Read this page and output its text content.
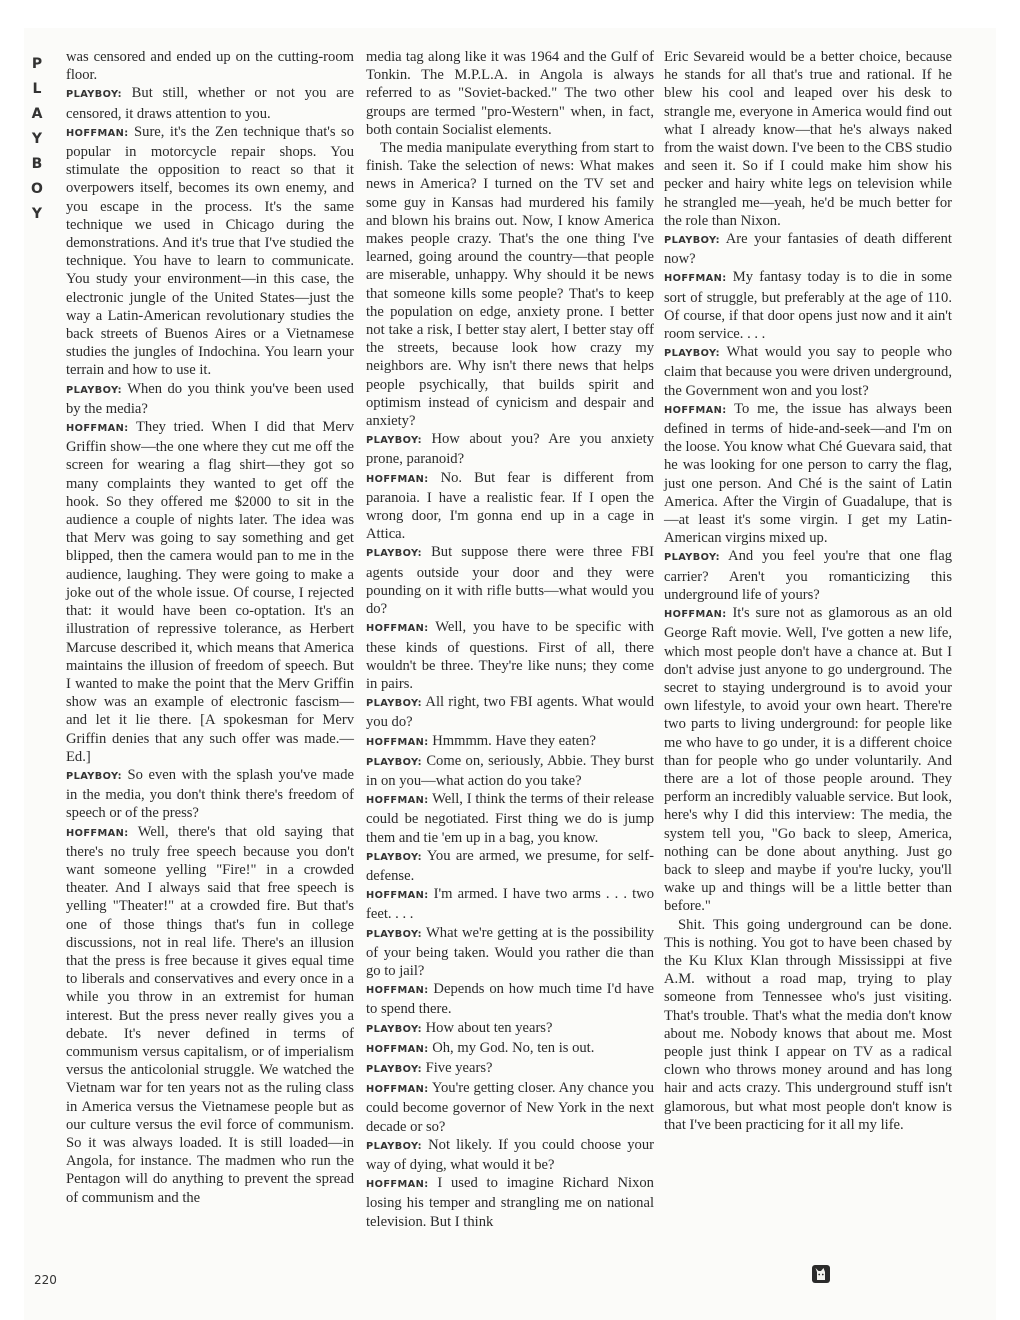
P
L
A
Y
B
O
Y

was censored and ended up on the cutting-room floor.

PLAYBOY: But still, whether or not you are censored, it draws attention to you.

HOFFMAN: Sure, it's the Zen technique that's so popular in motorcycle repair shops. You stimulate the opposition to react so that it overpowers itself, becomes its own enemy, and you escape in the process. It's the same technique we used in Chicago during the demonstrations. And it's true that I've studied the technique. You have to learn to communicate. You study your environment—in this case, the electronic jungle of the United States—just the way a Latin-American revolutionary studies the back streets of Buenos Aires or a Vietnamese studies the jungles of Indochina. You learn your terrain and how to use it.

PLAYBOY: When do you think you've been used by the media?

HOFFMAN: They tried. When I did that Merv Griffin show—the one where they cut me off the screen for wearing a flag shirt—they got so many complaints they wanted to get off the hook. So they offered me $2000 to sit in the audience a couple of nights later. The idea was that Merv was going to say something and get blipped, then the camera would pan to me in the audience, laughing. They were going to make a joke out of the whole issue. Of course, I rejected that: it would have been co-optation. It's an illustration of repressive tolerance, as Herbert Marcuse described it, which means that America maintains the illusion of freedom of speech. But I wanted to make the point that the Merv Griffin show was an example of electronic fascism—and let it lie there. [A spokesman for Merv Griffin denies that any such offer was made.—Ed.]

PLAYBOY: So even with the splash you've made in the media, you don't think there's freedom of speech or of the press?

HOFFMAN: Well, there's that old saying that there's no truly free speech because you don't want someone yelling "Fire!" in a crowded theater. And I always said that free speech is yelling "Theater!" at a crowded fire. But that's one of those things that's fun in college discussions, not in real life. There's an illusion that the press is free because it gives equal time to liberals and conservatives and every once in a while you throw in an extremist for human interest. But the press never really gives you a debate. It's never defined in terms of communism versus capitalism, or of imperialism versus the anticolonial struggle. We watched the Vietnam war for ten years not as the ruling class in America versus the Vietnamese people but as our culture versus the evil force of communism. So it was always loaded. It is still loaded—in Angola, for instance. The madmen who run the Pentagon will do anything to prevent the spread of communism and the

media tag along like it was 1964 and the Gulf of Tonkin. The M.P.L.A. in Angola is always referred to as "Soviet-backed." The two other groups are termed "pro-Western" when, in fact, both contain Socialist elements.

The media manipulate everything from start to finish. Take the selection of news: What makes news in America? I turned on the TV set and some guy in Kansas had murdered his family and blown his brains out. Now, I know America makes people crazy. That's the one thing I've learned, going around the country—that people are miserable, unhappy. Why should it be news that someone kills some people? That's to keep the population on edge, anxiety prone. I better not take a risk, I better stay alert, I better stay off the streets, because look how crazy my neighbors are. Why isn't there news that helps people psychically, that builds spirit and optimism instead of cynicism and despair and anxiety?

PLAYBOY: How about you? Are you anxiety prone, paranoid?

HOFFMAN: No. But fear is different from paranoia. I have a realistic fear. If I open the wrong door, I'm gonna end up in a cage in Attica.

PLAYBOY: But suppose there were three FBI agents outside your door and they were pounding on it with rifle butts—what would you do?

HOFFMAN: Well, you have to be specific with these kinds of questions. First of all, there wouldn't be three. They're like nuns; they come in pairs.

PLAYBOY: All right, two FBI agents. What would you do?

HOFFMAN: Hmmmm. Have they eaten?

PLAYBOY: Come on, seriously, Abbie. They burst in on you—what action do you take?

HOFFMAN: Well, I think the terms of their release could be negotiated. First thing we do is jump them and tie 'em up in a bag, you know.

PLAYBOY: You are armed, we presume, for self-defense.

HOFFMAN: I'm armed. I have two arms . . . two feet. . . .

PLAYBOY: What we're getting at is the possibility of your being taken. Would you rather die than go to jail?

HOFFMAN: Depends on how much time I'd have to spend there.

PLAYBOY: How about ten years?

HOFFMAN: Oh, my God. No, ten is out.

PLAYBOY: Five years?

HOFFMAN: You're getting closer. Any chance you could become governor of New York in the next decade or so?

PLAYBOY: Not likely. If you could choose your way of dying, what would it be?

HOFFMAN: I used to imagine Richard Nixon losing his temper and strangling me on national television. But I think

Eric Sevareid would be a better choice, because he stands for all that's true and rational. If he blew his cool and leaped over his desk to strangle me, everyone in America would find out what I already know—that he's always naked from the waist down. I've been to the CBS studio and seen it. So if I could make him show his pecker and hairy white legs on television while he strangled me—yeah, he'd be much better for the role than Nixon.

PLAYBOY: Are your fantasies of death different now?

HOFFMAN: My fantasy today is to die in some sort of struggle, but preferably at the age of 110. Of course, if that door opens just now and it ain't room service. . . .

PLAYBOY: What would you say to people who claim that because you were driven underground, the Government won and you lost?

HOFFMAN: To me, the issue has always been defined in terms of hide-and-seek—and I'm on the loose. You know what Ché Guevara said, that he was looking for one person to carry the flag, just one person. And Ché is the saint of Latin America. After the Virgin of Guadalupe, that is—at least it's some virgin. I get my Latin-American virgins mixed up.

PLAYBOY: And you feel you're that one flag carrier? Aren't you romanticizing this underground life of yours?

HOFFMAN: It's sure not as glamorous as an old George Raft movie. Well, I've gotten a new life, which most people don't have a chance at. But I don't advise just anyone to go underground. The secret to staying underground is to avoid your own lifestyle, to avoid your own heart. There're two parts to living underground: for people like me who have to go under, it is a different choice than for people who go under voluntarily. And there are a lot of those people around. They perform an incredibly valuable service. But look, here's why I did this interview: The media, the system tell you, "Go back to sleep, America, nothing can be done about anything. Just go back to sleep and maybe if you're lucky, you'll wake up and things will be a little better than before."

Shit. This going underground can be done. This is nothing. You got to have been chased by the Ku Klux Klan through Mississippi at five A.M. without a road map, trying to play someone from Tennessee who's just visiting. That's trouble. That's what the media don't know about me. Nobody knows that about me. Most people just think I appear on TV as a radical clown who throws money around and has long hair and acts crazy. This underground stuff isn't glamorous, but what most people don't know is that I've been practicing for it all my life.

220
